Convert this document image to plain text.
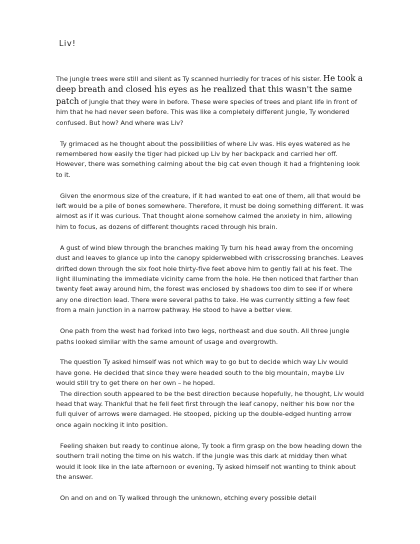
Liv!

The jungle trees were still and silent as Ty scanned hurriedly for traces of his sister. He took a deep breath and closed his eyes as he realized that this wasn't the same patch of jungle that they were in before. These were species of trees and plant life in front of him that he had never seen before. This was like a completely different jungle, Ty wondered confused. But how? And where was Liv?

Ty grimaced as he thought about the possibilities of where Liv was. His eyes watered as he remembered how easily the tiger had picked up Liv by her backpack and carried her off. However, there was something calming about the big cat even though it had a frightening look to it.

Given the enormous size of the creature, if it had wanted to eat one of them, all that would be left would be a pile of bones somewhere. Therefore, it must be doing something different. It was almost as if it was curious. That thought alone somehow calmed the anxiety in him, allowing him to focus, as dozens of different thoughts raced through his brain.

A gust of wind blew through the branches making Ty turn his head away from the oncoming dust and leaves to glance up into the canopy spiderwebbed with crisscrossing branches. Leaves drifted down through the six foot hole thirty-five feet above him to gently fall at his feet. The light illuminating the immediate vicinity came from the hole. He then noticed that farther than twenty feet away around him, the forest was enclosed by shadows too dim to see if or where any one direction lead. There were several paths to take. He was currently sitting a few feet from a main junction in a narrow pathway. He stood to have a better view.

One path from the west had forked into two legs, northeast and due south. All three jungle paths looked similar with the same amount of usage and overgrowth.

The question Ty asked himself was not which way to go but to decide which way Liv would have gone. He decided that since they were headed south to the big mountain, maybe Liv would still try to get there on her own – he hoped.

The direction south appeared to be the best direction because hopefully, he thought, Liv would head that way. Thankful that he fell feet first through the leaf canopy, neither his bow nor the full quiver of arrows were damaged. He stooped, picking up the double-edged hunting arrow once again nocking it into position.

Feeling shaken but ready to continue alone, Ty took a firm grasp on the bow heading down the southern trail noting the time on his watch. If the jungle was this dark at midday then what would it look like in the late afternoon or evening, Ty asked himself not wanting to think about the answer.

On and on and on Ty walked through the unknown, etching every possible detail
